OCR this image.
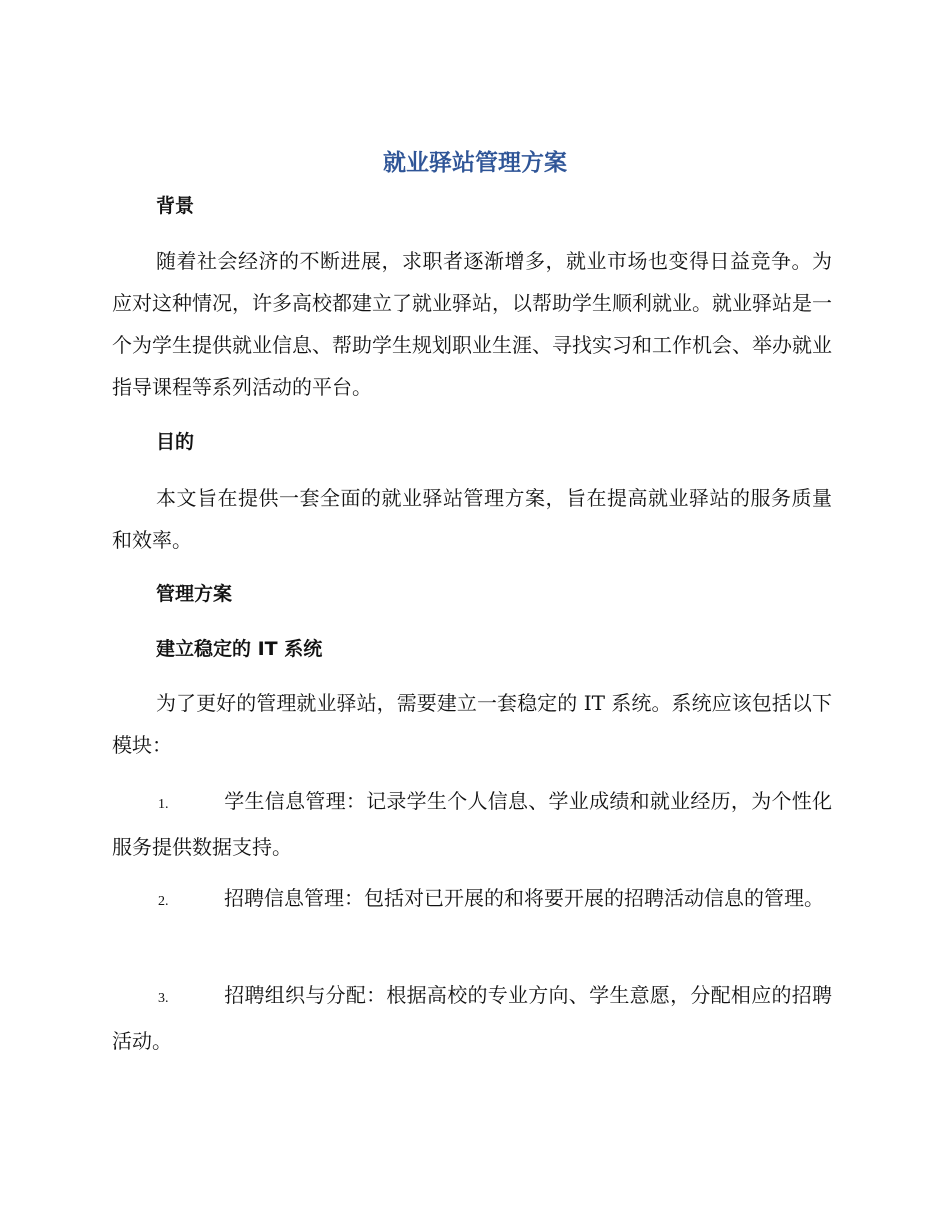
就业驿站管理方案
背景

随着社会经济的不断进展，求职者逐渐增多，就业市场也变得日益竞争。为应对这种情况，许多高校都建立了就业驿站，以帮助学生顺利就业。就业驿站是一个为学生提供就业信息、帮助学生规划职业生涯、寻找实习和工作机会、举办就业指导课程等系列活动的平台。

目的

本文旨在提供一套全面的就业驿站管理方案，旨在提高就业驿站的服务质量和效率。

管理方案
建立稳定的 IT 系统

为了更好的管理就业驿站，需要建立一套稳定的 IT 系统。系统应该包括以下模块：

1.	学生信息管理：记录学生个人信息、学业成绩和就业经历，为个性化服务提供数据支持。

2.	招聘信息管理：包括对已开展的和将要开展的招聘活动信息的管理。

3.	招聘组织与分配：根据高校的专业方向、学生意愿，分配相应的招聘活动。
